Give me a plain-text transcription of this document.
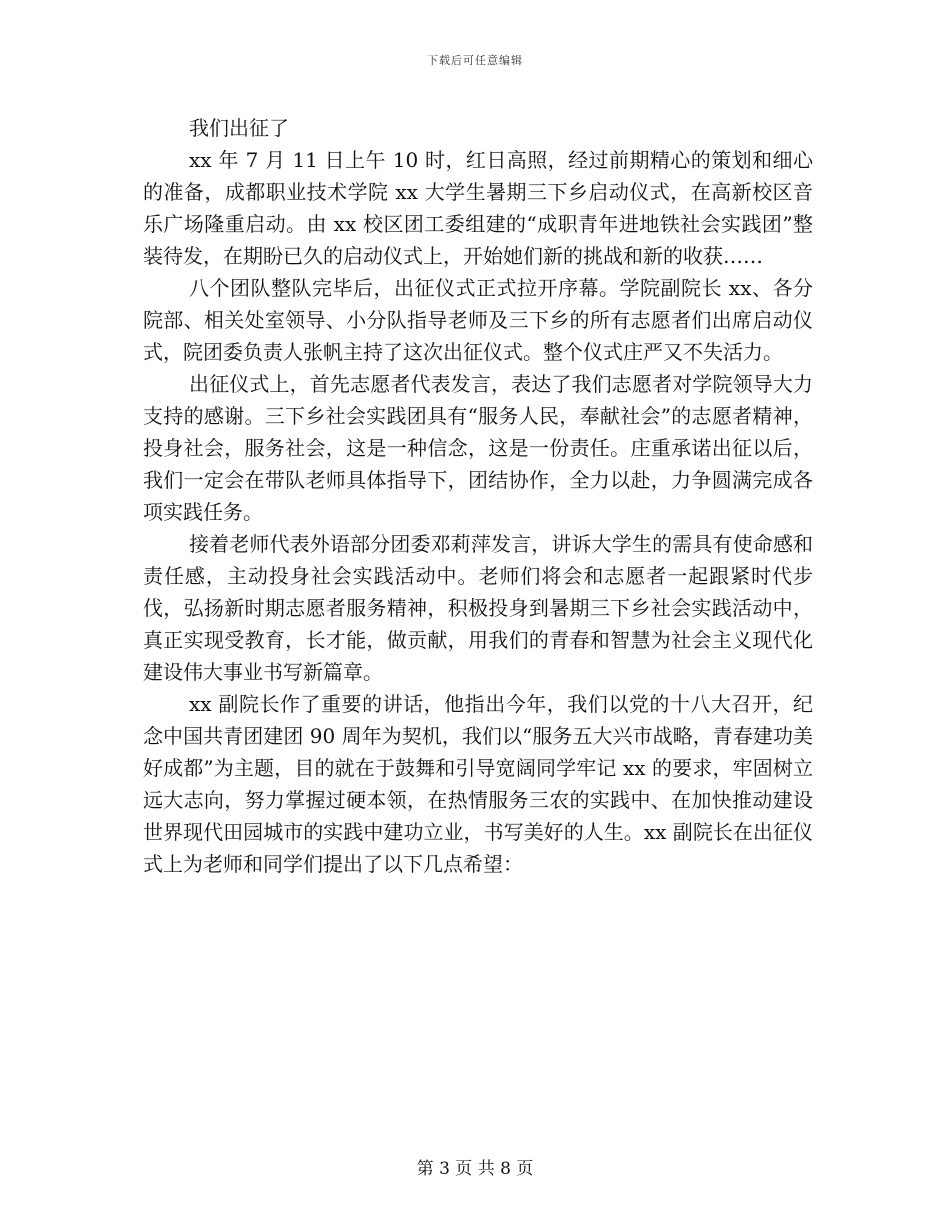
下载后可任意编辑

我们出征了

xx 年 7 月 11 日上午 10 时，红日高照，经过前期精心的策划和细心的准备，成都职业技术学院 xx 大学生暑期三下乡启动仪式，在高新校区音乐广场隆重启动。由 xx 校区团工委组建的“成职青年进地铁社会实践团”整装待发，在期盼已久的启动仪式上，开始她们新的挑战和新的收获……

八个团队整队完毕后，出征仪式正式拉开序幕。学院副院长 xx、各分院部、相关处室领导、小分队指导老师及三下乡的所有志愿者们出席启动仪式，院团委负责人张帆主持了这次出征仪式。整个仪式庄严又不失活力。

出征仪式上，首先志愿者代表发言，表达了我们志愿者对学院领导大力支持的感谢。三下乡社会实践团具有“服务人民，奉献社会”的志愿者精神，投身社会，服务社会，这是一种信念，这是一份责任。庄重承诺出征以后，我们一定会在带队老师具体指导下，团结协作，全力以赴，力争圆满完成各项实践任务。

接着老师代表外语部分团委邓莉萍发言，讲诉大学生的需具有使命感和责任感，主动投身社会实践活动中。老师们将会和志愿者一起跟紧时代步伐，弘扬新时期志愿者服务精神，积极投身到暑期三下乡社会实践活动中，真正实现受教育，长才能，做贡献，用我们的青春和智慧为社会主义现代化建设伟大事业书写新篇章。

xx 副院长作了重要的讲话，他指出今年，我们以党的十八大召开，纪念中国共青团建团 90 周年为契机，我们以“服务五大兴市战略，青春建功美好成都”为主题，目的就在于鼓舞和引导宽阔同学牢记 xx 的要求，牢固树立远大志向，努力掌握过硬本领，在热情服务三农的实践中、在加快推动建设世界现代田园城市的实践中建功立业，书写美好的人生。xx 副院长在出征仪式上为老师和同学们提出了以下几点希望：

第 3 页 共 8 页
